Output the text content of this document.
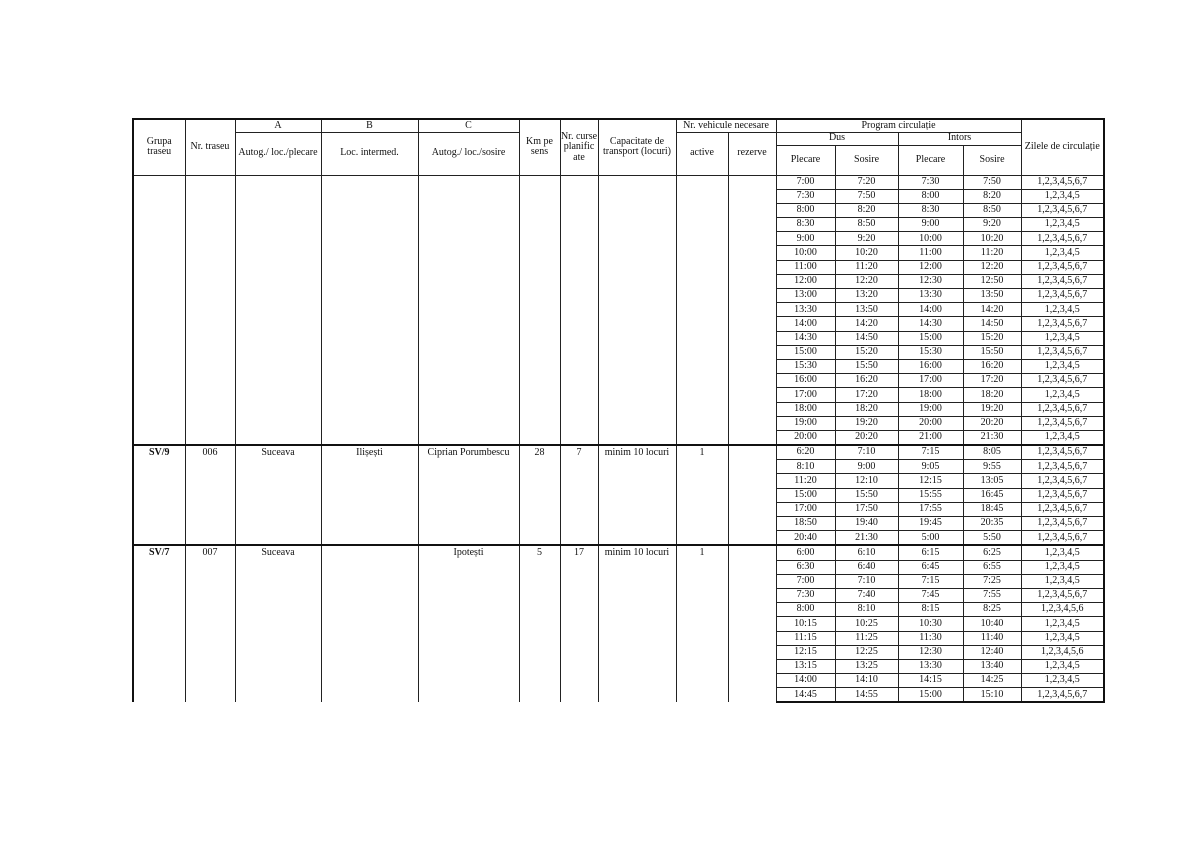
Grupa traseu	Nr. traseu	A	B	C	Km pe sens	Nr. curse planific ate	Capacitate de transport (locuri)	Nr. vehicule necesare		Program circulație				Zilele de circulație
		Autog./ loc./plecare	Loc. intermed.	Autog./ loc./sosire				active	rezerve	Dus		Întors		
										Plecare	Sosire	Plecare	Sosire	
										7:00	7:20	7:30	7:50	1,2,3,4,5,6,7
										7:30	7:50	8:00	8:20	1,2,3,4,5
										8:00	8:20	8:30	8:50	1,2,3,4,5,6,7
										8:30	8:50	9:00	9:20	1,2,3,4,5
										9:00	9:20	10:00	10:20	1,2,3,4,5,6,7
										10:00	10:20	11:00	11:20	1,2,3,4,5
										11:00	11:20	12:00	12:20	1,2,3,4,5,6,7
										12:00	12:20	12:30	12:50	1,2,3,4,5,6,7
										13:00	13:20	13:30	13:50	1,2,3,4,5,6,7
										13:30	13:50	14:00	14:20	1,2,3,4,5
										14:00	14:20	14:30	14:50	1,2,3,4,5,6,7
										14:30	14:50	15:00	15:20	1,2,3,4,5
										15:00	15:20	15:30	15:50	1,2,3,4,5,6,7
										15:30	15:50	16:00	16:20	1,2,3,4,5
										16:00	16:20	17:00	17:20	1,2,3,4,5,6,7
										17:00	17:20	18:00	18:20	1,2,3,4,5
										18:00	18:20	19:00	19:20	1,2,3,4,5,6,7
										19:00	19:20	20:00	20:20	1,2,3,4,5,6,7
										20:00	20:20	21:00	21:30	1,2,3,4,5
SV/9	006	Suceava	Ilișești	Ciprian Porumbescu	28	7	minim 10 locuri	1		6:20	7:10	7:15	8:05	1,2,3,4,5,6,7
										8:10	9:00	9:05	9:55	1,2,3,4,5,6,7
										11:20	12:10	12:15	13:05	1,2,3,4,5,6,7
										15:00	15:50	15:55	16:45	1,2,3,4,5,6,7
										17:00	17:50	17:55	18:45	1,2,3,4,5,6,7
										18:50	19:40	19:45	20:35	1,2,3,4,5,6,7
										20:40	21:30	5:00	5:50	1,2,3,4,5,6,7
SV/7	007	Suceava		Ipotești	5	17	minim 10 locuri	1		6:00	6:10	6:15	6:25	1,2,3,4,5
										6:30	6:40	6:45	6:55	1,2,3,4,5
										7:00	7:10	7:15	7:25	1,2,3,4,5
										7:30	7:40	7:45	7:55	1,2,3,4,5,6,7
										8:00	8:10	8:15	8:25	1,2,3,4,5,6
										10:15	10:25	10:30	10:40	1,2,3,4,5
										11:15	11:25	11:30	11:40	1,2,3,4,5
										12:15	12:25	12:30	12:40	1,2,3,4,5,6
										13:15	13:25	13:30	13:40	1,2,3,4,5
										14:00	14:10	14:15	14:25	1,2,3,4,5
										14:45	14:55	15:00	15:10	1,2,3,4,5,6,7
